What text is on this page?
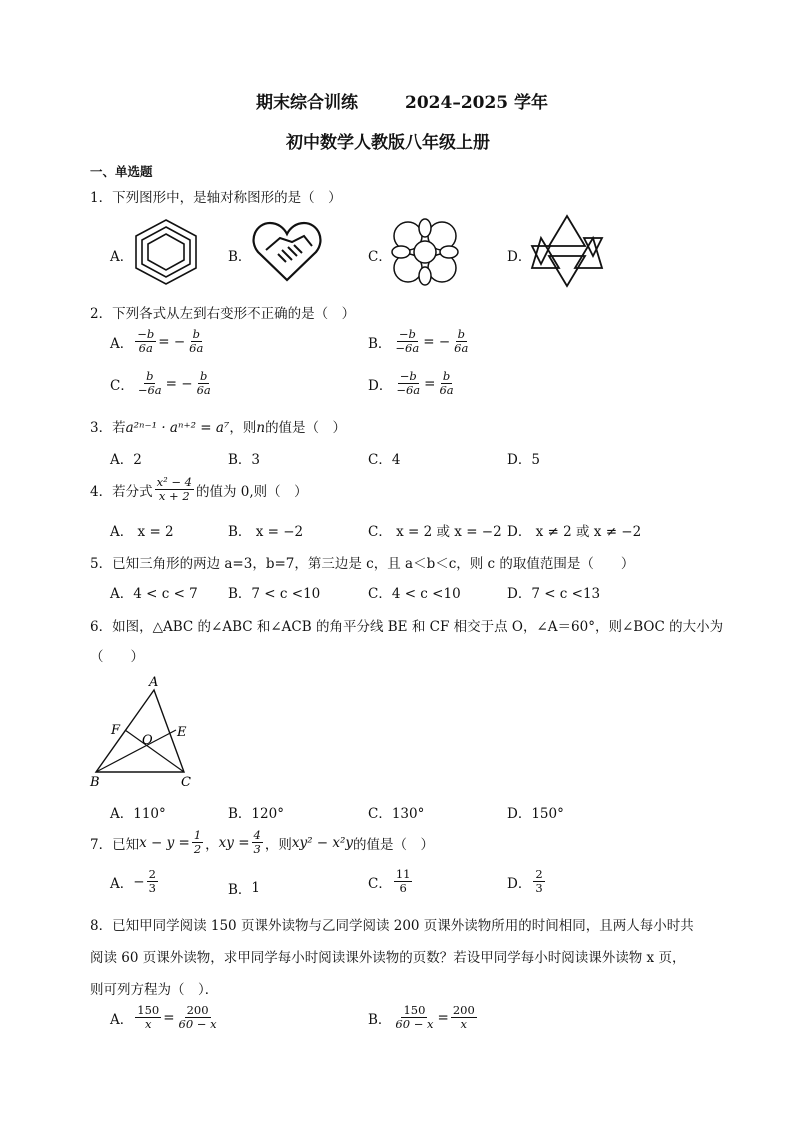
期末综合训练	2024–2025 学年
初中数学人教版八年级上册
一、单选题
1．下列图形中，是轴对称图形的是（　）
A．	B．	C．	D．
2．下列各式从左到右变形不正确的是（　）
A． $\frac{-b}{6a}$ = − $\frac{b}{6a}$	B． $\frac{-b}{-6a}$ = − $\frac{b}{6a}$
C． $\frac{b}{-6a}$ = − $\frac{b}{6a}$	D． $\frac{-b}{-6a} = \frac{b}{6a}$
3．若a²ⁿ⁻¹ · aⁿ⁺² = a⁷，则n的值是（　）
A．2	B．3	C．4	D．5
4．若分式 $\frac{\text{x² − 4}}{x + 2}$ 的值为 0,则（　）
A． x = 2	B． x = −2	C． x = 2 或 x = −2 D． x ≠ 2 或 x ≠ −2
5．已知三角形的两边 a=3，b=7，第三边是 c，且 a＜b＜c，则 c 的取值范围是（　　）
A．4 < c < 7 B．7 < c <10	C．4 < c <10	D．7 < c <13
6．如图，△ABC 的∠ABC 和∠ACB 的角平分线 BE 和 CF 相交于点 O，∠A＝60°，则∠BOC 的大小为
（　　）
A
B	C
E
F
O
A．110°	B．120°	C．130°	D．150°
7．已知 $x - y = \frac{1}{2}$ ， xy = $\frac{4}{3}$ ，则 xy² − x²y 的值是（　）
A． − $\frac{2}{3}$	B． 1	C． $\frac{11}{6}$	D． $\frac{2}{3}$
8．已知甲同学阅读 150 页课外读物与乙同学阅读 200 页课外读物所用的时间相同，且两人每小时共
阅读 60 页课外读物，求甲同学每小时阅读课外读物的页数？若设甲同学每小时阅读课外读物 x 页，
则可列方程为（　）．
A． $\frac{150}{x} = \frac{200}{60 - x}$	B． $\frac{150}{60 - x} = \frac{200}{x}$
